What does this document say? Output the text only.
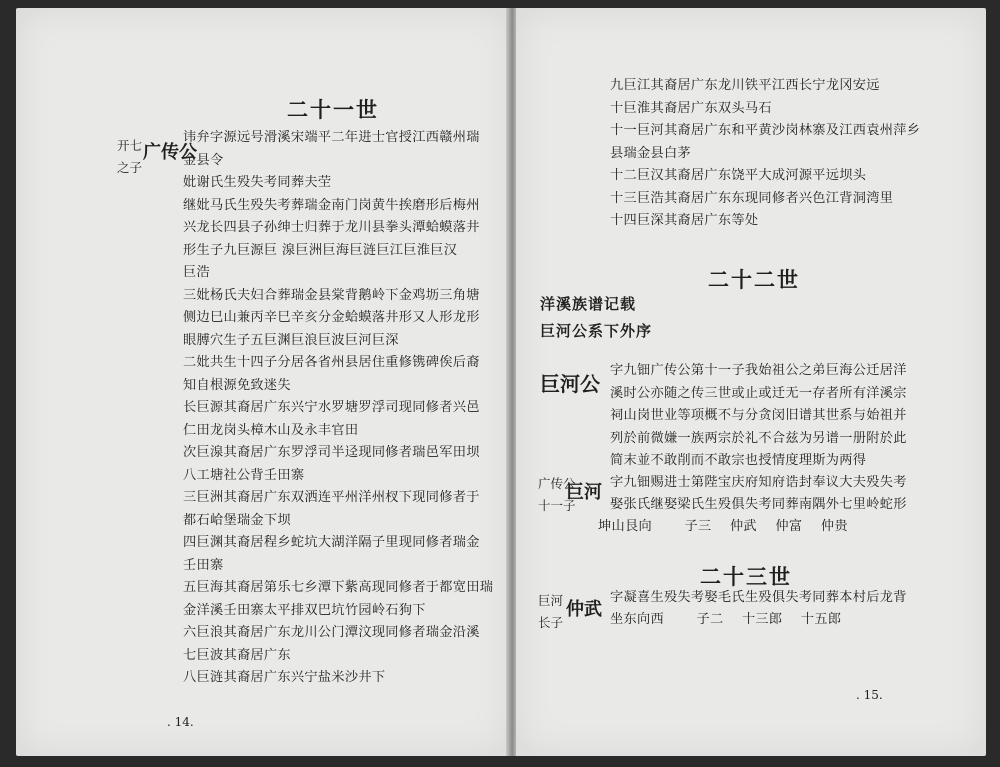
二十一世
开七
之子
广传公
讳弁字源远号滑溪宋端平二年进士官授江西赣州瑞
金县令
妣谢氏生殁失考同葬夫茔
继妣马氏生殁失考葬瑞金南门岗黄牛挨磨形后梅州
兴龙长四县子孙绅士归葬于龙川县拳头潭蛤蟆落井
形生子九巨源巨 湶巨洲巨海巨涟巨江巨淮巨汉
巨浩
三妣杨氏夫妇合葬瑞金县棠背鹅岭下金鸡坜三角塘
侧边巳山兼丙辛巳辛亥分金蛤蟆落井形又人形龙形
眼膊穴生子五巨渊巨浪巨波巨河巨深
二妣共生十四子分居各省州县居住重修镌碑俟后裔
知自根源免致迷失
长巨源其裔居广东兴宁水罗塘罗浮司现同修者兴邑
仁田龙岗头樟木山及永丰官田
次巨湶其裔居广东罗浮司半迳现同修者瑞邑军田坝
八工塘社公背壬田寨
三巨洲其裔居广东双洒连平州洋州杈下现同修者于
都石峆堡瑞金下坝
四巨渊其裔居程乡蛇坑大湖洋隔子里现同修者瑞金
壬田寨
五巨海其裔居第乐七乡潭下紫高现同修者于都宽田瑞
金洋溪壬田寨太平排双巴坑竹园岭石狗下
六巨浪其裔居广东龙川公门潭汶现同修者瑞金沿溪
七巨波其裔居广东
八巨涟其裔居广东兴宁盐米沙井下
. 14.
九巨江其裔居广东龙川铁平江西长宁龙冈安远
十巨淮其裔居广东双头马石
十一巨河其裔居广东和平黄沙岗林寨及江西袁州萍乡
县瑞金县白茅
十二巨汉其裔居广东饶平大成河源平远坝头
十三巨浩其裔居广东东现同修者兴色江背洞湾里
十四巨深其裔居广东等处
二十二世
洋溪族谱记载
巨河公系下外序
巨河公
字九钿广传公第十一子我始祖公之弟巨海公迁居洋
溪时公亦随之传三世或止或迁无一存者所有洋溪宗
祠山岗世业等项概不与分贪闵旧谱其世系与始祖并
列於前微嫌一族两宗於礼不合兹为另谱一册附於此
简末並不敢削而不敢宗也授情度理斯为两得
广传公
十一子
巨河 字九钿赐进士第陛宝庆府知府诰封奉议大夫殁失考
娶张氏继娶梁氏生殁俱失考同葬南隅外七里岭蛇形
坤山艮向 子三 仲武 仲富 仲贵
二十三世
巨河
长子
仲武
字凝喜生殁失考娶毛氏生殁俱失考同葬本村后龙背
坐东向西 子二 十三郎 十五郎
. 15.
